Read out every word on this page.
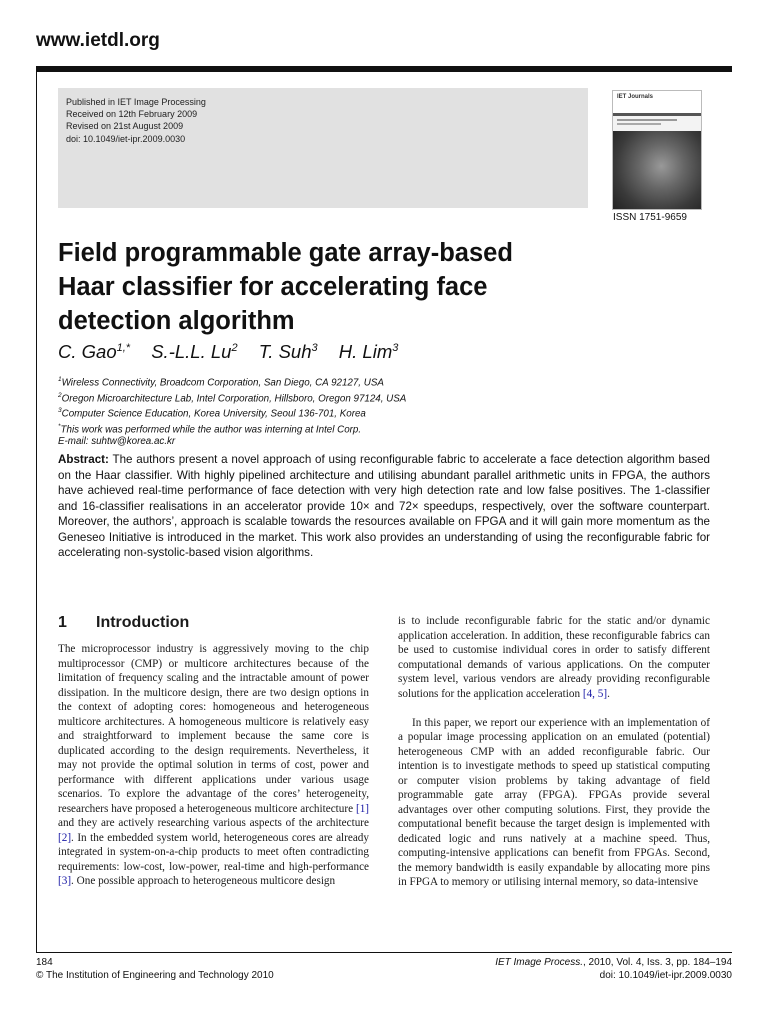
www.ietdl.org
Published in IET Image Processing
Received on 12th February 2009
Revised on 21st August 2009
doi: 10.1049/iet-ipr.2009.0030
IET Journals
ISSN 1751-9659
Field programmable gate array-based
Haar classifier for accelerating face
detection algorithm
C. Gao$^{1,*}$ S.-L.L. Lu$^2$ T. Suh$^3$ H. Lim$^3$
$^1$Wireless Connectivity, Broadcom Corporation, San Diego, CA 92127, USA
$^2$Oregon Microarchitecture Lab, Intel Corporation, Hillsboro, Oregon 97124, USA
$^3$Computer Science Education, Korea University, Seoul 136-701, Korea
*This work was performed while the author was interning at Intel Corp.
E-mail: suhtw@korea.ac.kr
Abstract: The authors present a novel approach of using reconfigurable fabric to accelerate a face detection algorithm based on the Haar classifier. With highly pipelined architecture and utilising abundant parallel arithmetic units in FPGA, the authors have achieved real-time performance of face detection with very high detection rate and low false positives. The 1-classifier and 16-classifier realisations in an accelerator provide 10× and 72× speedups, respectively, over the software counterpart. Moreover, the authors’, approach is scalable towards the resources available on FPGA and it will gain more momentum as the Geneseo Initiative is introduced in the market. This work also provides an understanding of using the reconfigurable fabric for accelerating non-systolic-based vision algorithms.
1 Introduction

The microprocessor industry is aggressively moving to the chip multiprocessor (CMP) or multicore architectures because of the limitation of frequency scaling and the intractable amount of power dissipation. In the multicore design, there are two design options in the context of adopting cores: homogeneous and heterogeneous multicore architectures. A homogeneous multicore is relatively easy and straightforward to implement because the same core is duplicated according to the design requirements. Nevertheless, it may not provide the optimal solution in terms of cost, power and performance with different applications under various usage scenarios. To explore the advantage of the cores’ heterogeneity, researchers have proposed a heterogeneous multicore architecture [1] and they are actively researching various aspects of the architecture [2]. In the embedded system world, heterogeneous cores are already integrated in system-on-a-chip products to meet often contradicting requirements: low-cost, low-power, real-time and high-performance [3]. One possible approach to heterogeneous multicore design

is to include reconfigurable fabric for the static and/or dynamic application acceleration. In addition, these reconfigurable fabrics can be used to customise individual cores in order to satisfy different computational demands of various applications. On the computer system level, various vendors are already providing reconfigurable solutions for the application acceleration [4, 5].

In this paper, we report our experience with an implementation of a popular image processing application on an emulated (potential) heterogeneous CMP with an added reconfigurable fabric. Our intention is to investigate methods to speed up statistical computing or computer vision problems by taking advantage of field programmable gate array (FPGA). FPGAs provide several advantages over other computing solutions. First, they provide the computational benefit because the target design is implemented with dedicated logic and runs natively at a machine speed. Thus, computing-intensive applications can benefit from FPGAs. Second, the memory bandwidth is easily expandable by allocating more pins in FPGA to memory or utilising internal memory, so data-intensive

184
© The Institution of Engineering and Technology 2010
IET Image Process., 2010, Vol. 4, Iss. 3, pp. 184–194
doi: 10.1049/iet-ipr.2009.0030
